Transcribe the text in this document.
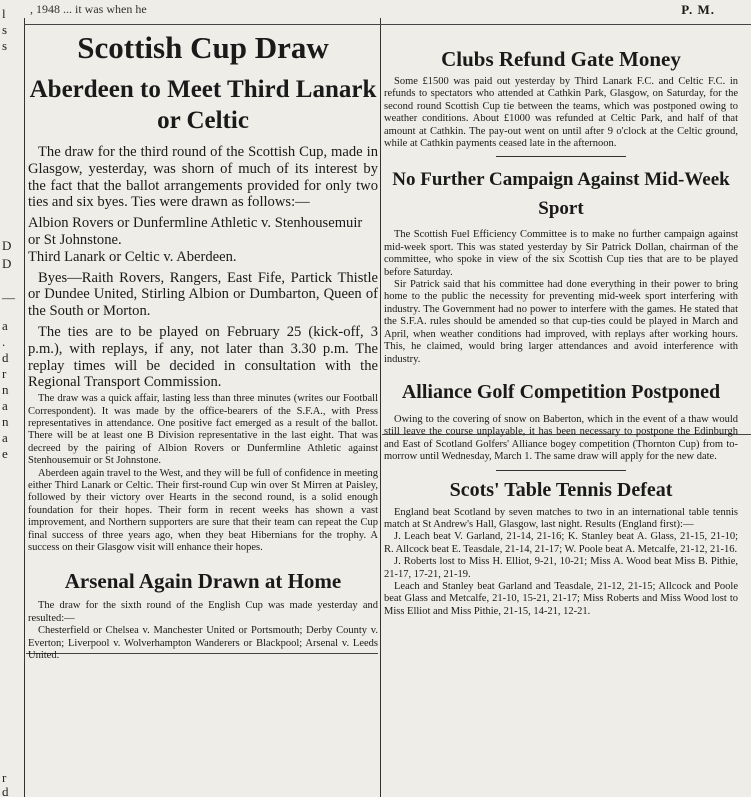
, 1948 ... it was when he	P. M.
l
s
s
D
D
—
a
.
d
r
n
a
n
a
e
r
d
Scottish Cup Draw
Aberdeen to Meet Third Lanark or Celtic

The draw for the third round of the Scottish Cup, made in Glasgow, yesterday, was shorn of much of its interest by the fact that the ballot arrangements provided for only two ties and six byes. Ties were drawn as follows:—

Albion Rovers or Dunfermline Athletic v. Stenhousemuir or St Johnstone.
Third Lanark or Celtic v. Aberdeen.

Byes—Raith Rovers, Rangers, East Fife, Partick Thistle or Dundee United, Stirling Albion or Dumbarton, Queen of the South or Morton.

The ties are to be played on February 25 (kick-off, 3 p.m.), with replays, if any, not later than 3.30 p.m. The replay times will be decided in consultation with the Regional Transport Commission.

The draw was a quick affair, lasting less than three minutes (writes our Football Correspondent). It was made by the office-bearers of the S.F.A., with Press representatives in attendance. One positive fact emerged as a result of the ballot. There will be at least one B Division representative in the last eight. That was decreed by the pairing of Albion Rovers or Dunfermline Athletic against Stenhousemuir or St Johnstone.

Aberdeen again travel to the West, and they will be full of confidence in meeting either Third Lanark or Celtic. Their first-round Cup win over St Mirren at Paisley, followed by their victory over Hearts in the second round, is a solid enough foundation for their hopes. Their form in recent weeks has shown a vast improvement, and Northern supporters are sure that their team can repeat the Cup final success of three years ago, when they beat Hibernians for the trophy. A success on their Glasgow visit will enhance their hopes.

Arsenal Again Drawn at Home

The draw for the sixth round of the English Cup was made yesterday and resulted:—

Chesterfield or Chelsea v. Manchester United or Portsmouth; Derby County v. Everton; Liverpool v. Wolverhampton Wanderers or Blackpool; Arsenal v. Leeds United.

Clubs Refund Gate Money

Some £1500 was paid out yesterday by Third Lanark F.C. and Celtic F.C. in refunds to spectators who attended at Cathkin Park, Glasgow, on Saturday, for the second round Scottish Cup tie between the teams, which was postponed owing to weather conditions. About £1000 was refunded at Celtic Park, and half of that amount at Cathkin. The pay-out went on until after 9 o'clock at the Celtic ground, while at Cathkin payments ceased late in the afternoon.

No Further Campaign Against Mid-Week Sport

The Scottish Fuel Efficiency Committee is to make no further campaign against mid-week sport. This was stated yesterday by Sir Patrick Dollan, chairman of the committee, who spoke in view of the six Scottish Cup ties that are to be played before Saturday.

Sir Patrick said that his committee had done everything in their power to bring home to the public the necessity for preventing mid-week sport interfering with industry. The Government had no power to interfere with the games. He stated that the S.F.A. rules should be amended so that cup-ties could be played in March and April, when weather conditions had improved, with replays after working hours. This, he claimed, would bring larger attendances and avoid interference with industry.

Alliance Golf Competition Postponed

Owing to the covering of snow on Baberton, which in the event of a thaw would still leave the course unplayable, it has been necessary to postpone the Edinburgh and East of Scotland Golfers' Alliance bogey competition (Thornton Cup) from to-morrow until Wednesday, March 1. The same draw will apply for the new date.

Scots' Table Tennis Defeat

England beat Scotland by seven matches to two in an international table tennis match at St Andrew's Hall, Glasgow, last night. Results (England first):—

J. Leach beat V. Garland, 21-14, 21-16; K. Stanley beat A. Glass, 21-15, 21-10; R. Allcock beat E. Teasdale, 21-14, 21-17; W. Poole beat A. Metcalfe, 21-12, 21-16.

J. Roberts lost to Miss H. Elliot, 9-21, 10-21; Miss A. Wood beat Miss B. Pithie, 21-17, 17-21, 21-19.

Leach and Stanley beat Garland and Teasdale, 21-12, 21-15; Allcock and Poole beat Glass and Metcalfe, 21-10, 15-21, 21-17; Miss Roberts and Miss Wood lost to Miss Elliot and Miss Pithie, 21-15, 14-21, 12-21.
